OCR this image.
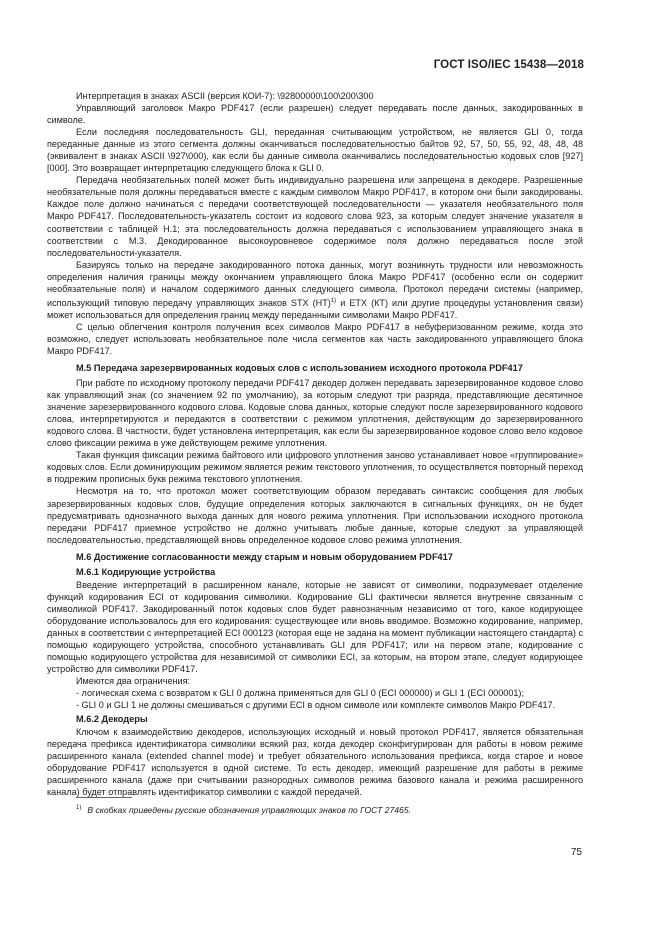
ГОСТ ISO/IEC 15438—2018

Интерпретация в знаках ASCII (версия КОИ-7): \92800000\100\200\300

Управляющий заголовок Макро PDF417 (если разрешен) следует передавать после данных, закодированных в символе.

Если последняя последовательность GLI, переданная считывающим устройством, не является GLI 0, тогда переданные данные из этого сегмента должны оканчиваться последовательностью байтов 92, 57, 50, 55, 92, 48, 48, 48 (эквивалент в знаках ASCII \927\000), как если бы данные символа оканчивались последовательностью кодовых слов [927][000]. Это возвращает интерпретацию следующего блока к GLI 0.

Передача необязательных полей может быть индивидуально разрешена или запрещена в декодере. Разрешенные необязательные поля должны передаваться вместе с каждым символом Макро PDF417, в котором они были закодированы. Каждое поле должно начинаться с передачи соответствующей последовательности — указателя необязательного поля Макро PDF417. Последовательность-указатель состоит из кодового слова 923, за которым следует значение указателя в соответствии с таблицей Н.1; эта последовательность должна передаваться с использованием управляющего знака в соответствии с М.3. Декодированное высокоуровневое содержимое поля должно передаваться после этой последовательности-указателя.

Базируясь только на передаче закодированного потока данных, могут возникнуть трудности или невозможность определения наличия границы между окончанием управляющего блока Макро PDF417 (особенно если он содержит необязательные поля) и началом содержимого данных следующего символа. Протокол передачи системы (например, использующий типовую передачу управляющих знаков STX (НТ)$^{1)}$ и ETX (КТ) или другие процедуры установления связи) может использоваться для определения границ между переданными символами Макро PDF417.

С целью облегчения контроля получения всех символов Макро PDF417 в небуферизованном режиме, когда это возможно, следует использовать необязательное поле числа сегментов как часть закодированного управляющего блока Макро PDF417.

М.5 Передача зарезервированных кодовых слов с использованием исходного протокола PDF417

При работе по исходному протоколу передачи PDF417 декодер должен передавать зарезервированное кодовое слово как управляющий знак (со значением 92 по умолчанию), за которым следуют три разряда, представляющие десятичное значение зарезервированного кодового слова. Кодовые слова данных, которые следуют после зарезервированного кодового слова, интерпретируются и передаются в соответствии с режимом уплотнения, действующим до зарезервированного кодового слова. В частности, будет установлена интерпретация, как если бы зарезервированное кодовое слово вело кодовое слово фиксации режима в уже действующем режиме уплотнения.

Такая функция фиксации режима байтового или цифрового уплотнения заново устанавливает новое «группирование» кодовых слов. Если доминирующим режимом является режим текстового уплотнения, то осуществляется повторный переход в подрежим прописных букв режима текстового уплотнения.

Несмотря на то, что протокол может соответствующим образом передавать синтаксис сообщения для любых зарезервированных кодовых слов, будущие определения которых заключаются в сигнальных функциях, он не будет предусматривать однозначного выхода данных для нового режима уплотнения. При использовании исходного протокола передачи PDF417 приемное устройство не должно учитывать любые данные, которые следуют за управляющей последовательностью, представляющей вновь определенное кодовое слово режима уплотнения.

М.6 Достижение согласованности между старым и новым оборудованием PDF417
М.6.1 Кодирующие устройства

Введение интерпретаций в расширенном канале, которые не зависят от символики, подразумевает отделение функций кодирования ECI от кодирования символики. Кодирование GLI фактически является внутренне связанным с символикой PDF417. Закодированный поток кодовых слов будет равнозначным независимо от того, какое кодирующее оборудование использовалось для его кодирования: существующее или вновь вводимое. Возможно кодирование, например, данных в соответствии с интерпретацией ECI 000123 (которая еще не задана на момент публикации настоящего стандарта) с помощью кодирующего устройства, способного устанавливать GLI для PDF417; или на первом этапе, кодирование с помощью кодирующего устройства для независимой от символики ECI, за которым, на втором этапе, следует кодирующее устройство для символики PDF417.

Имеются два ограничения:

- логическая схема с возвратом к GLI 0 должна применяться для GLI 0 (ECI 000000) и GLI 1 (ECI 000001);

- GLI 0 и GLI 1 не должны смешиваться с другими ECI в одном символе или комплекте символов Макро PDF417.

М.6.2 Декодеры

Ключом к взаимодействию декодеров, использующих исходный и новый протокол PDF417, является обязательная передача префикса идентификатора символики всякий раз, когда декодер сконфигурирован для работы в новом режиме расширенного канала (extended channel mode) и требует обязательного использования префикса, когда старое и новое оборудование PDF417 используется в одной системе. То есть декодер, имеющий разрешение для работы в режиме расширенного канала (даже при считывании разнородных символов режима базового канала и режима расширенного канала) будет отправлять идентификатор символики с каждой передачей.

$^{1)}$ В скобках приведены русские обозначения управляющих знаков по ГОСТ 27465.
75
